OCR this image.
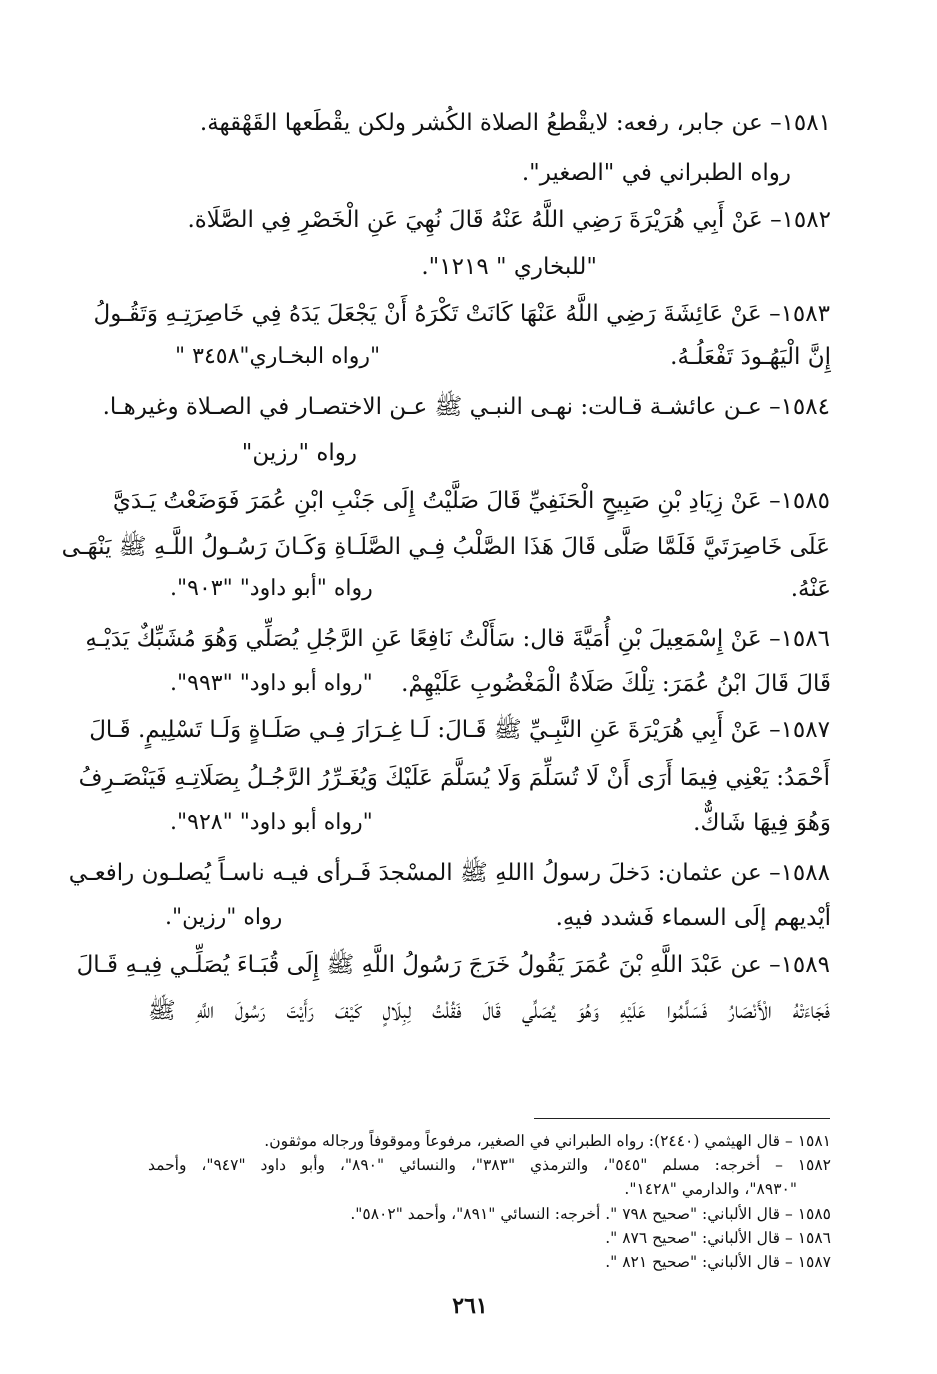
١٥٨١– عن جابر، رفعه: لايقْطعُ الصلاة الكُشر ولكن يقْطَعها القَهْقهة.
رواه الطبراني في "الصغير".
١٥٨٢– عَنْ أَبِي هُرَيْرَةَ رَضِي اللَّهُ عَنْهُ قَالَ نُهِيَ عَنِ الْخَصْرِ فِي الصَّلَاة.
"للبخاري " ١٢١٩".
١٥٨٣– عَنْ عَائِشَةَ رَضِي اللَّهُ عَنْهَا كَانَتْ تَكْرَهُ أَنْ يَجْعَلَ يَدَهُ فِي خَاصِرَتِـهِ وَتَقُـولُ
إِنَّ الْيَهُـودَ تَفْعَلُـهُ.
"رواه البخـاري"٣٤٥٨ "
١٥٨٤– عـن عائشـة قـالت: نهـى النبـي ﷺ عـن الاختصـار في الصـلاة وغيرهـا.
رواه "رزين"
١٥٨٥– عَنْ زِيَادِ بْنِ صَبِيحٍ الْحَنَفِيِّ قَالَ صَلَّيْتُ إِلَى جَنْبِ ابْنِ عُمَرَ فَوَضَعْتُ يَـدَيَّ
عَلَى خَاصِرَتَيَّ فَلَمَّا صَلَّى قَالَ هَذَا الصَّلْبُ فِـي الصَّلَـاةِ وَكَـانَ رَسُـولُ اللَّـهِ ﷺ يَنْهَـى
عَنْهُ.
رواه "أبو داود" "٩٠٣".
١٥٨٦– عَنْ إِسْمَعِيلَ بْنِ أُمَيَّةَ قال: سَأَلْتُ نَافِعًا عَنِ الرَّجُلِ يُصَلِّي وَهُوَ مُشَبِّكٌ يَدَيْـهِ
قَالَ قَالَ ابْنُ عُمَرَ: تِلْكَ صَلَاةُ الْمَغْضُوبِ عَلَيْهِمْ.
"رواه أبو داود" "٩٩٣".
١٥٨٧– عَنْ أَبِي هُرَيْرَةَ عَنِ النَّبِـيِّ ﷺ قَـالَ: لَـا غِـرَارَ فِـي صَلَـاةٍ وَلَـا تَسْلِيمٍ. قَـالَ
أَحْمَدُ: يَعْنِي فِيمَا أَرَى أَنْ لَا تُسَلِّمَ وَلَا يُسَلَّمَ عَلَيْكَ وَيُغَـرِّرُ الرَّجُـلُ بِصَلَاتِـهِ فَيَنْصَـرِفُ
وَهُوَ فِيهَا شَاكٌّ.
"رواه أبو داود" "٩٢٨".
١٥٨٨– عن عثمان: دَخلَ رسولُ االلهِ ﷺ المسْجدَ فَـرأى فيـه ناسـاً يُصلـون رافعـي
أيْديهم إلَى السماء فَشدد فيهِ.
رواه "رزين".
١٥٨٩– عن عَبْدَ اللَّهِ بْنَ عُمَرَ يَقُولُ خَرَجَ رَسُولُ اللَّهِ ﷺ إِلَى قُبَـاءَ يُصَلِّـي فِيـهِ قَـالَ
فَجَاءَتْهُ الْأَنْصَارُ فَسَلَّمُوا عَلَيْهِ وَهُوَ يُصَلِّي قَالَ فَقُلْتُ لِبِلَالٍ كَيْفَ رَأَيْتَ رَسُولَ اللَّهِ ﷺ
١٥٨١ – قال الهيثمي (٢٤٤٠): رواه الطبراني في الصغير، مرفوعاً وموقوفاً ورجاله موثقون.
١٥٨٢ – أخرجه: مسلم "٥٤٥"، والترمذي "٣٨٣"، والنسائي "٨٩٠"، وأبو داود "٩٤٧"، وأحمد
"٨٩٣٠"، والدارمي "١٤٢٨".
١٥٨٥ – قال الألباني: "صحيح ٧٩٨ ". أخرجه: النسائي "٨٩١"، وأحمد "٥٨٠٢".
١٥٨٦ – قال الألباني: "صحيح ٨٧٦ ".
١٥٨٧ – قال الألباني: "صحيح ٨٢١ ".
٢٦١
